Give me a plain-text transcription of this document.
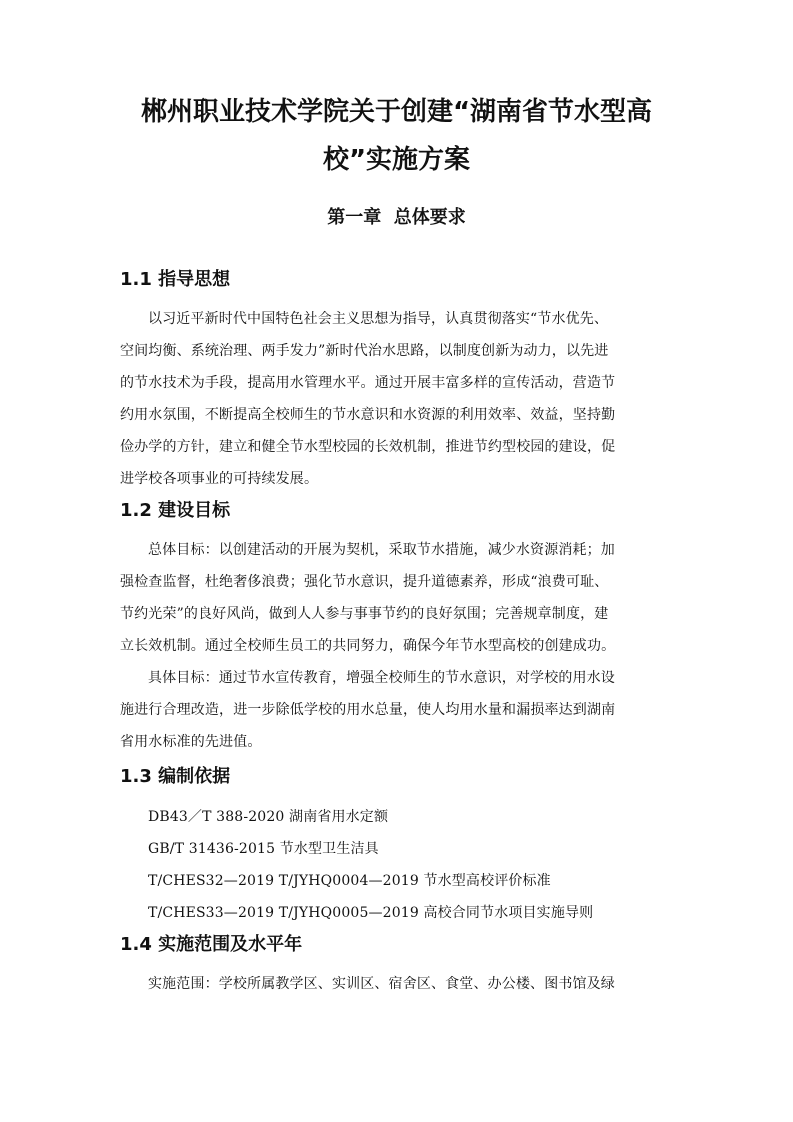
郴州职业技术学院关于创建“湖南省节水型高
校”实施方案
第一章  总体要求
1.1 指导思想
以习近平新时代中国特色社会主义思想为指导，认真贯彻落实“节水优先、
空间均衡、系统治理、两手发力”新时代治水思路，以制度创新为动力，以先进
的节水技术为手段，提高用水管理水平。通过开展丰富多样的宣传活动，营造节
约用水氛围，不断提高全校师生的节水意识和水资源的利用效率、效益，坚持勤
俭办学的方针，建立和健全节水型校园的长效机制，推进节约型校园的建设，促
进学校各项事业的可持续发展。
1.2 建设目标
总体目标：以创建活动的开展为契机，采取节水措施，减少水资源消耗；加
强检查监督，杜绝奢侈浪费；强化节水意识，提升道德素养，形成“浪费可耻、
节约光荣”的良好风尚，做到人人参与事事节约的良好氛围；完善规章制度，建
立长效机制。通过全校师生员工的共同努力，确保今年节水型高校的创建成功。
具体目标：通过节水宣传教育，增强全校师生的节水意识，对学校的用水设
施进行合理改造，进一步除低学校的用水总量，使人均用水量和漏损率达到湖南
省用水标准的先进值。
1.3 编制依据
DB43／T 388-2020 湖南省用水定额
GB/T 31436-2015 节水型卫生洁具
T/CHES32—2019 T/JYHQ0004—2019 节水型高校评价标准
T/CHES33—2019 T/JYHQ0005—2019 高校合同节水项目实施导则
1.4 实施范围及水平年
实施范围：学校所属教学区、实训区、宿舍区、食堂、办公楼、图书馆及绿
